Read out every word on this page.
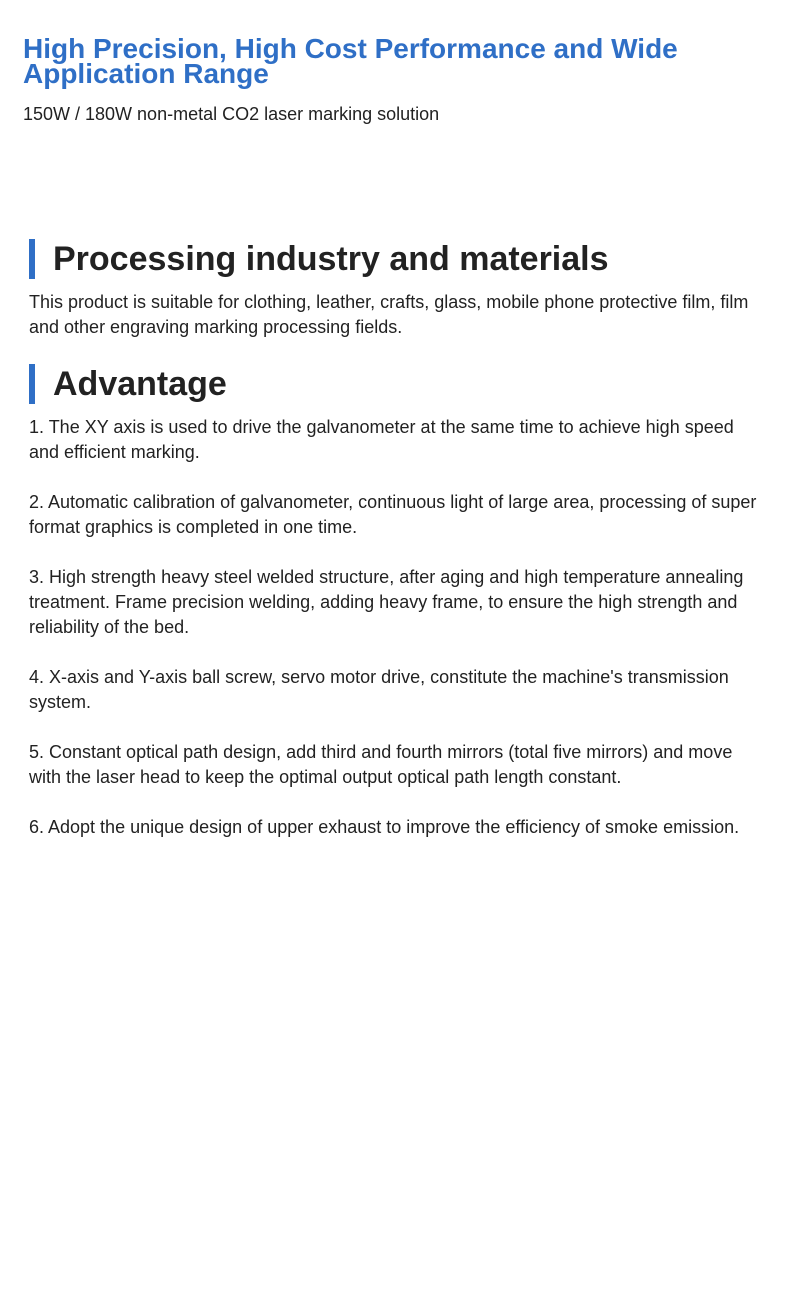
High Precision, High Cost Performance and Wide Application Range

150W / 180W non-metal CO2 laser marking solution

Processing industry and materials

This product is suitable for clothing, leather, crafts, glass, mobile phone protective film, film and other engraving marking processing fields.

Advantage
1. The XY axis is used to drive the galvanometer at the same time to achieve high speed and efficient marking.
2. Automatic calibration of galvanometer, continuous light of large area, processing of super format graphics is completed in one time.
3. High strength heavy steel welded structure, after aging and high temperature annealing treatment. Frame precision welding, adding heavy frame, to ensure the high strength and reliability of the bed.
4. X-axis and Y-axis ball screw, servo motor drive, constitute the machine's transmission system.
5. Constant optical path design, add third and fourth mirrors (total five mirrors) and move with the laser head to keep the optimal output optical path length constant.
6. Adopt the unique design of upper exhaust to improve the efficiency of smoke emission.
